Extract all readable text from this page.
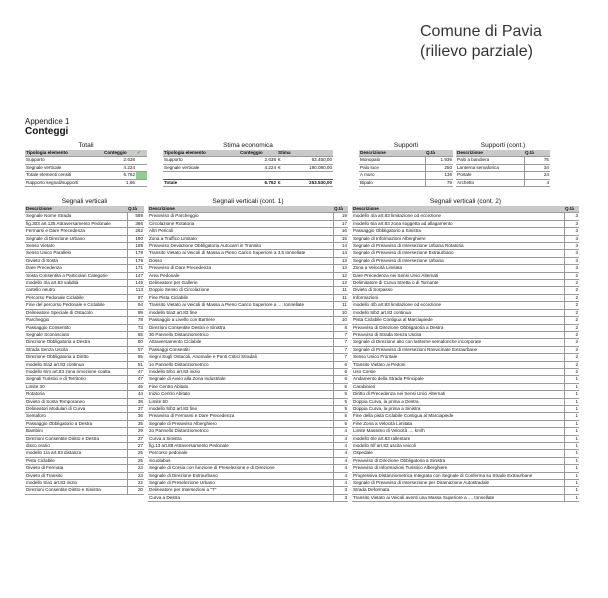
Comune di Pavia
(rilievo parziale)
Appendice 1
Conteggi
Totali
Tipologia elemento	Conteggio	✓
Supporto	2.638	
Segnale verticale	4.224	
Totale elementi censiti	6.762	
Rapporto segnali/supporti	1,66	
Stima economica
Tipologia elemento	Conteggio	Stima	
Supporto	2.638	€	63.450,00
Segnale verticale	4.224	€	190.080,00

Totale	6.762	€	253.530,00
Supporti
Descrizione	Q.tà
Monopalo	1.936
Palo luce	250
A muro	136
Bipalo	79
Supporti (cont.)
Descrizione	Q.tà
Palo a bandiera	75
Lanterna semaforica	34
Portale	24
Archetto	4
Segnali verticali
Descrizione	Q.tà
Segnale Nome Strada	589
fig.303 art.135 Attraversamento Pedonale	386
Fermarsi e Dare Precedenza	262
Segnale di Direzione Urbano	190
Senso Vietato	189
Senso Unico Parallelo	178
Divieto di Sosta	176
Dare Precedenza	171
Sosta Consentita a Particolari Categorie	147
modello 3/a art.83 validità	145
cartello neutro	113
Percorso Pedonale Ciclabile	97
Fine del percorso Pedonale e Ciclabile	94
Delineatore Speciale di Ostacolo	89
Parcheggio	78
Passaggio Consentito	73
Segnale Sconosciuto	65
Direzione Obbligatoria a Destra	60
Strada Senza Uscita	57
Direzione Obbligatoria a Diritto	55
modello 5/a2 art.83 continua	51
modello 6/m art.83 zona rimozione coatta	47
Segnali Turistici e di Territorio	47
Limite 30	45
Rotatoria	44
Divieto di Sosta Temporaneo	38
Delineatori Modulari di Curva	37
Semaforo	36
Passaggio Obbligatorio a Destra	35
Bambini	29
Direzioni Consentite Diritto e Destra	27
disco orario	27
modello 1/a art.83 distanza	25
Pista Ciclabile	25
Divieto di Fermata	23
Divieto di Transito	23
modello 5/a1 art.83 inizio	22
Direzioni Consentite Diritto e Sinistra	20
Segnali verticali (cont. 1)
Descrizione	Q.tà
Preavviso di Parcheggio	19
Circolazione Rotatoria	17
Altri Pericoli	16
Zona a Traffico Limitato	15
Preavviso Deviazione Obbligatoria Autocarri in Transito	14
Transito Vietato ai Veicoli di Massa a Pieno Carico Superiore a 3,5 tonnellate	14
Dosso	13
Preavviso di Dare Precedenza	13
Area Pedonale	12
Delineatore per Gallerie	12
Doppio Senso di Circolazione	11
Fine Pista Ciclabile	11
Transito Vietato ai Veicoli di Massa a Pieno Carico Superiore a .... tonnellate	11
modello 5/a3 art.83 fine	10
Passaggio a Livello con Barriere	10
Direzioni Consentite Destra e Sinistra	8
30 Pannello Distanziometrico	7
Attraversamento Ciclabile	7
Passaggi Consentiti	7
Segni Sugli Ostacoli, Anomalie e Punti Critici Stradali	7
1o Pannello Distanziometrico	6
modello 5/b1 art.83 inizio	6
Segnale di Avvio alla Zona Industriale	6
Fine Centro Abitato	5
Inizio Centro Abitato	5
Limite 50	5
modello 5/b3 art.83 fine	5
Preavviso di Fermarsi e Dare Precedenza	5
Segnale di Preavviso Alberghiero	5
2o Pannello Distanziometrico	4
Curva a Sinistra	4
fig.13 art.88 Attraversamento Pedonale	4
Percorso pedonale	4
Scuolabus	4
Segnale di Corsia con funzione di Preselezione e di Direzione	4
Segnale di Direzione Extraurbano	4
Segnale di Preselezione Urbano	4
Delineatore per Intersezioni a "T"	3
Curva a Destra	3
Segnali verticali (cont. 2)
Descrizione	Q.tà
modello 4/a art.83 limitazione od eccezione	3
modello 6/a art.83 zona soggetta ad allagamento	3
Passaggio Obbligatorio a Sinistra	3
Segnale di Informazioni Alberghiere	3
Segnale di Preavviso di Intersezione Urbana Rotatoria	3
Segnale di Preavviso di Intersezione Extraurbano	3
Segnale di Preavviso di Intersezione Urbana	3
Zona a Velocità Limitata	3
Dare Precedenza nei Sensi Unici Alternati	2
Delimitatore di Curva Stretta o di Tornante	2
Divieto di Sorpasso	2
Informazioni	2
modello 4/b art.83 limitazione od eccezione	2
modello 5/b2 art.83 continua	2
Pista Ciclabile Contigua al Marciapiede	2
Preavviso di Direzione Obbligatoria a Destra	2
Preavviso di Strada Senza Uscita	2
Segnale di Direzione alto con lanterne semaforiche incorporate	2
Segnale di Preavviso di Intersezioni Ravvicinate Extraurbane	2
Senso Unico Frontale	2
Transito Vietato ai Pedoni	2
Uso Corsie	2
Andamento della Strada Principale	1
Carabinieri	1
Diritto di Precedenza nei Sensi Unici Alternati	1
Doppia Curva, la prima a Destra	1
Doppia Curva, la prima a Sinistra	1
Fine della pista Ciclabile Contigua al Marciapiede	1
Fine Zona a Velocità Limitata	1
Limite Massimo di Velocità .... km\h	1
modello 6/e art.83 rallentare	1
modello 6/f art.83 uscita veicoli	1
Ospedale	1
Preavviso di Direzione Obbligatoria a Sinistra	1
Preavviso di Informazioni Turistico Alberghiere	1
Progressiva Distanziometrica Integrata con Segnale di Conferma su Strade Extraurbane	1
Segnale di Preavviso di Intersezione per Diramazione Autostradale	1
Strada Deformata	1
Transito Vietato ai Veicoli aventi una Massa Superiore a .... tonnellate	1
